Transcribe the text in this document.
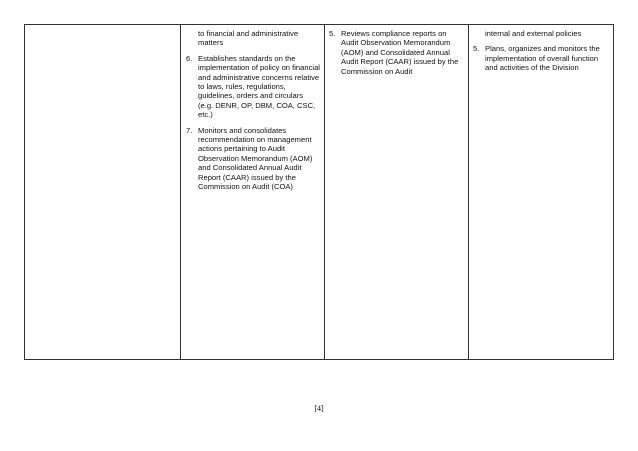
to financial and administrative matters
6. Establishes standards on the implementation of policy on financial and administrative concerns relative to laws, rules, regulations, guidelines, orders and circulars (e.g. DENR, OP, DBM, COA, CSC, etc.)
7. Monitors and consolidates recommendation on management actions pertaining to Audit Observation Memorandum (AOM) and Consolidated Annual Audit Report (CAAR) issued by the Commission on Audit (COA)
5. Reviews compliance reports on Audit Observation Memorandum (AOM) and Consolidated Annual Audit Report (CAAR) issued by the Commission on Audit
internal and external policies
5. Plans, organizes and monitors the implementation of overall function and activities of the Division
[4]
